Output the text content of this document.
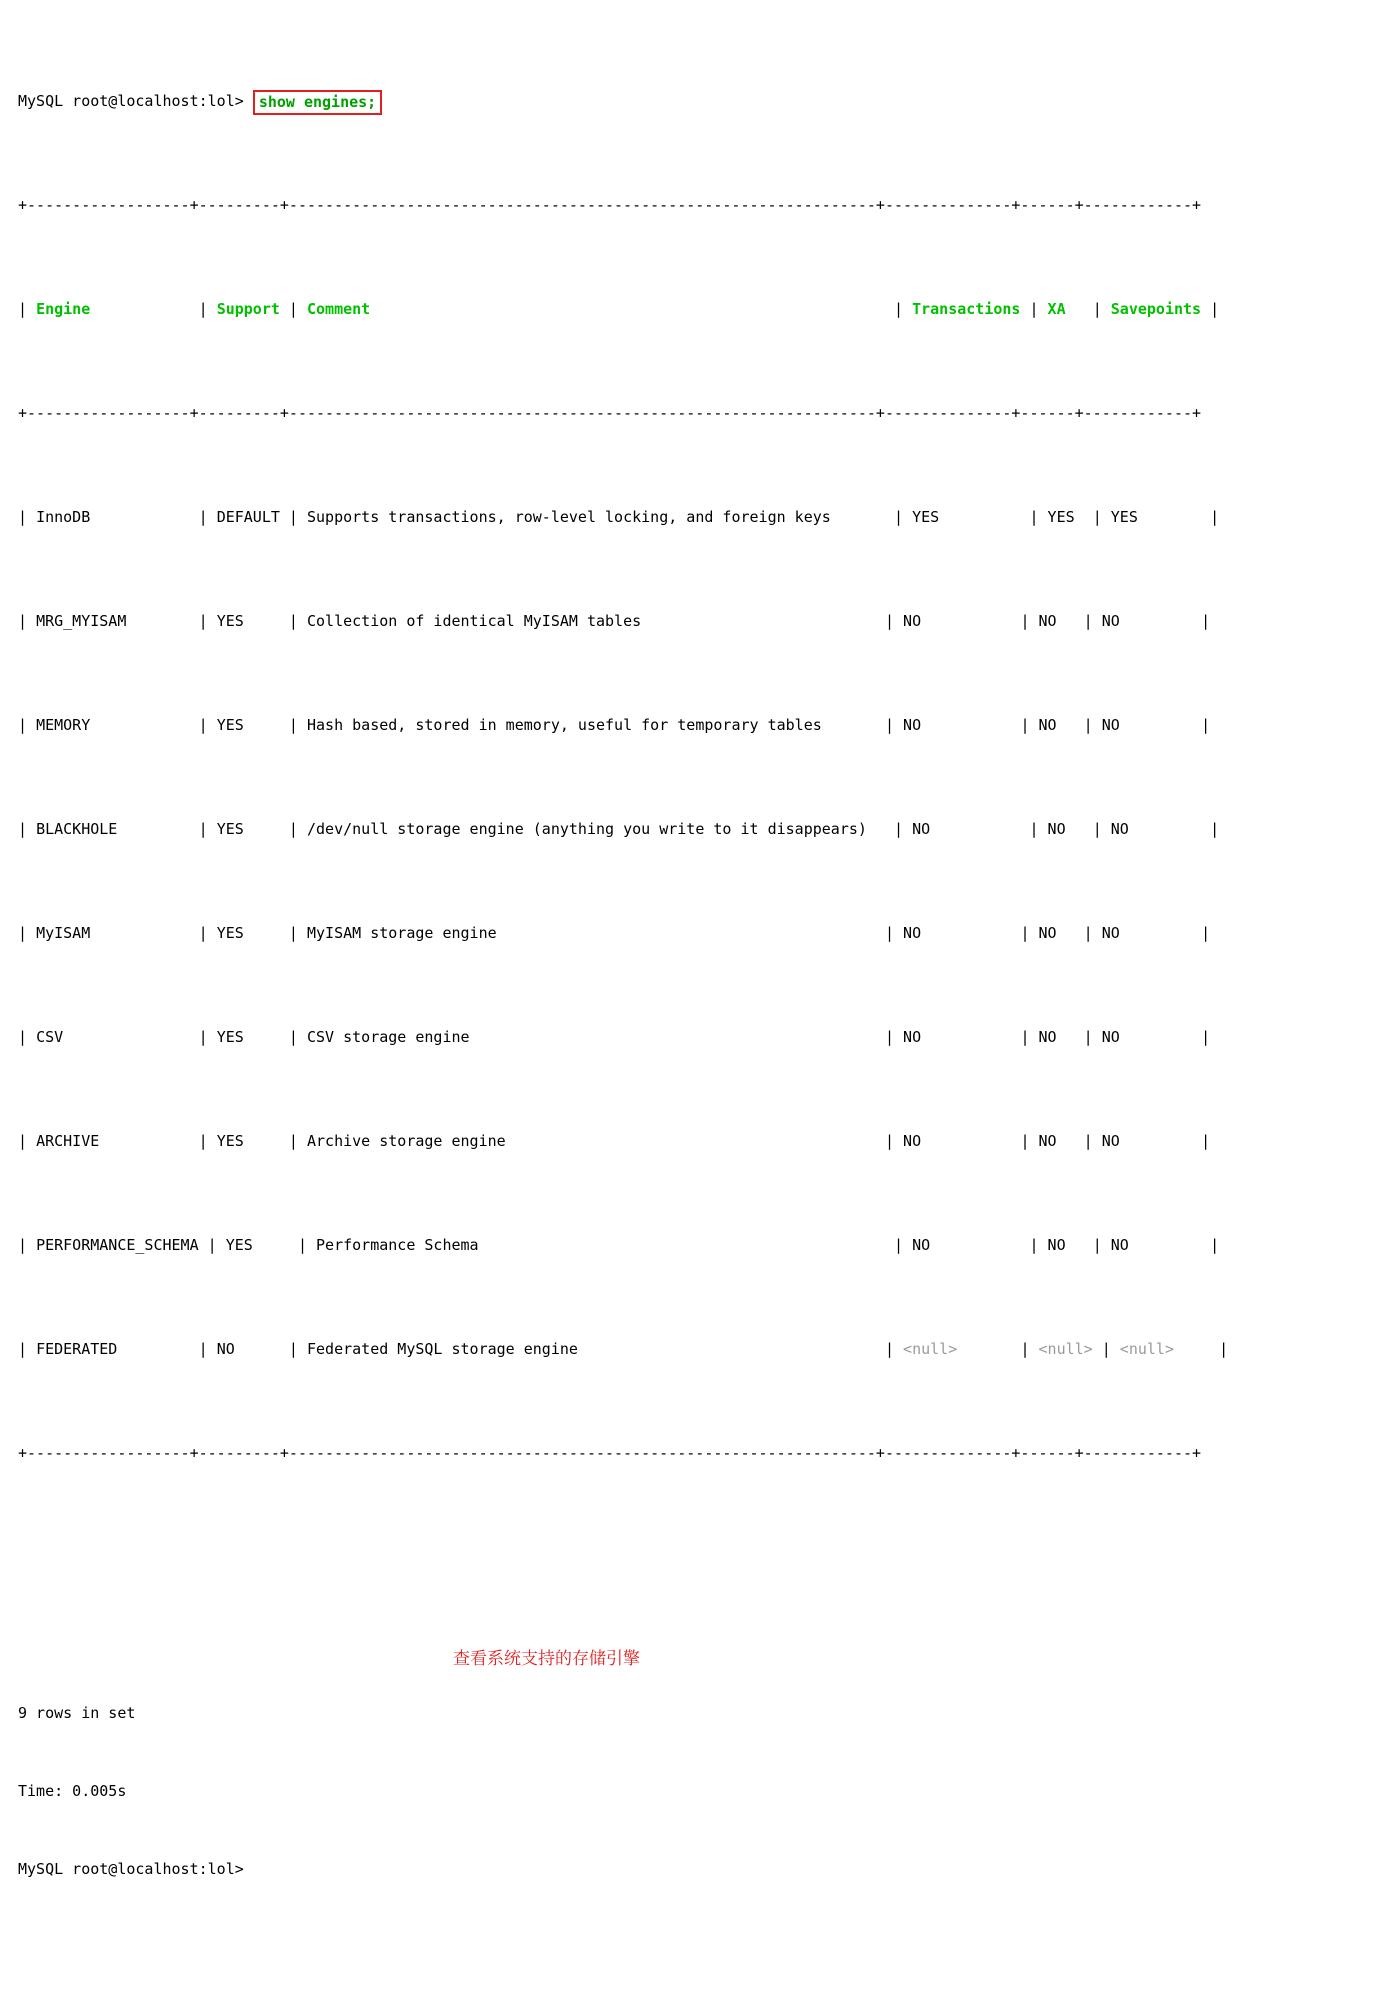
MySQL root@localhost:lol> show engines;

+------------------+---------+-----------------------------------------------------------------+--------------+------+------------+

| Engine            | Support | Comment                                                          | Transactions | XA   | Savepoints |

+------------------+---------+-----------------------------------------------------------------+--------------+------+------------+

| InnoDB            | DEFAULT | Supports transactions, row-level locking, and foreign keys       | YES          | YES  | YES        |

| MRG_MYISAM        | YES     | Collection of identical MyISAM tables                           | NO           | NO   | NO         |

| MEMORY            | YES     | Hash based, stored in memory, useful for temporary tables       | NO           | NO   | NO         |

| BLACKHOLE         | YES     | /dev/null storage engine (anything you write to it disappears)   | NO           | NO   | NO         |

| MyISAM            | YES     | MyISAM storage engine                                           | NO           | NO   | NO         |

| CSV               | YES     | CSV storage engine                                              | NO           | NO   | NO         |

| ARCHIVE           | YES     | Archive storage engine                                          | NO           | NO   | NO         |

| PERFORMANCE_SCHEMA | YES     | Performance Schema                                              | NO           | NO   | NO         |

| FEDERATED         | NO      | Federated MySQL storage engine                                  | <null>       | <null> | <null>     |

+------------------+---------+-----------------------------------------------------------------+--------------+------+------------+

9 rows in set

Time: 0.005s

MySQL root@localhost:lol>

查看系统支持的存储引擎
